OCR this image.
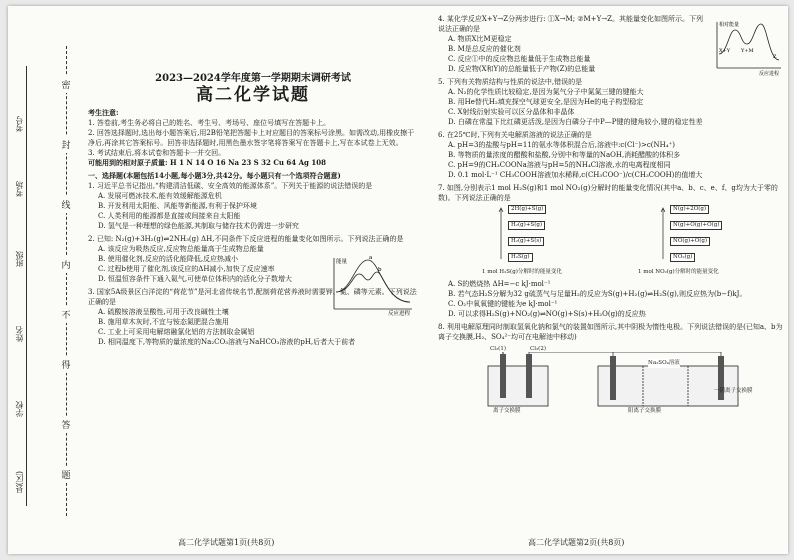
密
封
线
内
不
得
答
题
考号
考场
班级
姓名
学校
县(区)
2023—2024学年度第一学期期末调研考试
高二化学试题

考生注意:

1. 答卷前,考生务必将自己的姓名、考生号、考场号、座位号填写在答题卡上。

2. 回答选择题时,选出每小题答案后,用2B铅笔把答题卡上对应题目的答案标号涂黑。如需改动,用橡皮擦干净后,再涂其它答案标号。回答非选择题时,用黑色墨水签字笔将答案写在答题卡上,写在本试卷上无效。

3. 考试结束后,将本试卷和答题卡一并交回。

可能用到的相对原子质量: H 1 N 14 O 16 Na 23 S 32 Cu 64 Ag 108

一、选择题(本题包括14小题,每小题3分,共42分。每小题只有一个选项符合题意)

1. 习近平总书记指出,“构建清洁低碳、安全高效的能源体系”。下列关于能源的说法错误的是

A. 发展可燃冰技术,能有效缓解能源危机

B. 开发利用太阳能、风能等新能源,有利于保护环境

C. 人类利用的能源都是直接或间接来自太阳能

D. 氢气是一种理想的绿色能源,其制取与储存技术仍需进一步研究

2. 已知: N₂(g)+3H₂(g)⇌2NH₃(g) ΔH,不同条件下反应进程的能量变化如图所示。下列说法正确的是

A. 该反应为吸热反应,反应物总能量高于生成物总能量

B. 使用催化剂,反应的活化能降低,反应热减小

C. 过程b使用了催化剂,该反应的ΔH减小,加快了反应速率

D. 恒温恒容条件下通入氦气,可使单位体积内的活化分子数增大

能量
反应进程
a
b

3. 国家5A级景区白洋淀的“荷花节”是河北省传统名节,配制荷花营养液时需要钾、氮、磷等元素。下列说法正确的是

A. 硫酸铵溶液呈酸性,可用于改良碱性土壤

B. 施用草木灰时,不宜与铵态氮肥混合施用

C. 工业上可采用电解熔融氯化铝的方法制取金属铝

D. 相同温度下,等物质的量浓度的Na₂CO₃溶液与NaHCO₃溶液的pH,后者大于前者

高二化学试题第1页(共8页)

4. 某化学反应X+Y→Z分两步进行: ①X→M; ②M+Y→Z。其能量变化如图所示。下列说法正确的是

A. 物质X比M更稳定

B. M是总反应的催化剂

C. 反应①中的反应物总能量低于生成物总能量

D. 反应物(X和Y)的总能量低于产物(Z)的总能量

相对能量
反应进程
X+Y Y+M
Z

5. 下列有关物质结构与性质的说法中,错误的是

A. N₂的化学性质比较稳定,是因为氮气分子中氮氮三键的键能大

B. 用He替代H₂填充探空气球更安全,是因为He的电子构型稳定

C. X射线衍射实验可以区分晶体和非晶体

D. 白磷在常温下比红磷更活泼,是因为白磷分子中P—P键的键角较小,键的稳定性差

6. 在25℃时,下列有关电解质溶液的说法正确的是

A. pH=3的盐酸与pH=11的氨水等体积混合后,溶液中:c(Cl⁻)>c(NH₄⁺)

B. 等物质的量浓度的醋酸和盐酸,分别中和等量的NaOH,消耗醋酸的体积多

C. pH=9的CH₃COONa溶液与pH=5的NH₄Cl溶液,水的电离程度相同

D. 0.1 mol·L⁻¹ CH₃COOH溶液加水稀释,c(CH₃COO⁻)/c(CH₃COOH)的值增大

7. 如图,分别表示1 mol H₂S(g)和1 mol NO₂(g)分解时的能量变化情况(其中a、b、c、e、f、g均为大于零的数)。下列说法正确的是

2H(g)+S(g)
H₂(g)+S(g)
H₂(g)+S(s)
H₂S(g)
1 mol H₂S(g)分解时的能量变化
N(g)+2O(g)
N(g)+O(g)+O(g)
NO(g)+O(g)
NO₂(g)
1 mol NO₂(g)分解时的能量变化

A. S的燃烧热 ΔH=−c kJ·mol⁻¹

B. 若气态H₂S分解为32 g硫蒸气与足量H₂的反应为S(g)+H₂(g)⇌H₂S(g),则反应热为(b−f)kJ。

C. O₂中氧氧键的键能为e kJ·mol⁻¹

D. 可以求得H₂S(g)+NO₂(g)⇌NO(g)+S(s)+H₂O(g)的反应热

8. 利用电解原理同时制取氢氧化钠和氯气的装置如图所示,其中阴极为惰性电极。下列说法错误的是(已知a、b为离子交换膜,H₂、SO₄²⁻均可在电解池中移动)

Cl₂(1)	Cl₂(2)
Na₂SO₄溶液
离子交换膜	阳离子交换膜
一阴离子交换膜
高二化学试题第2页(共8页)
